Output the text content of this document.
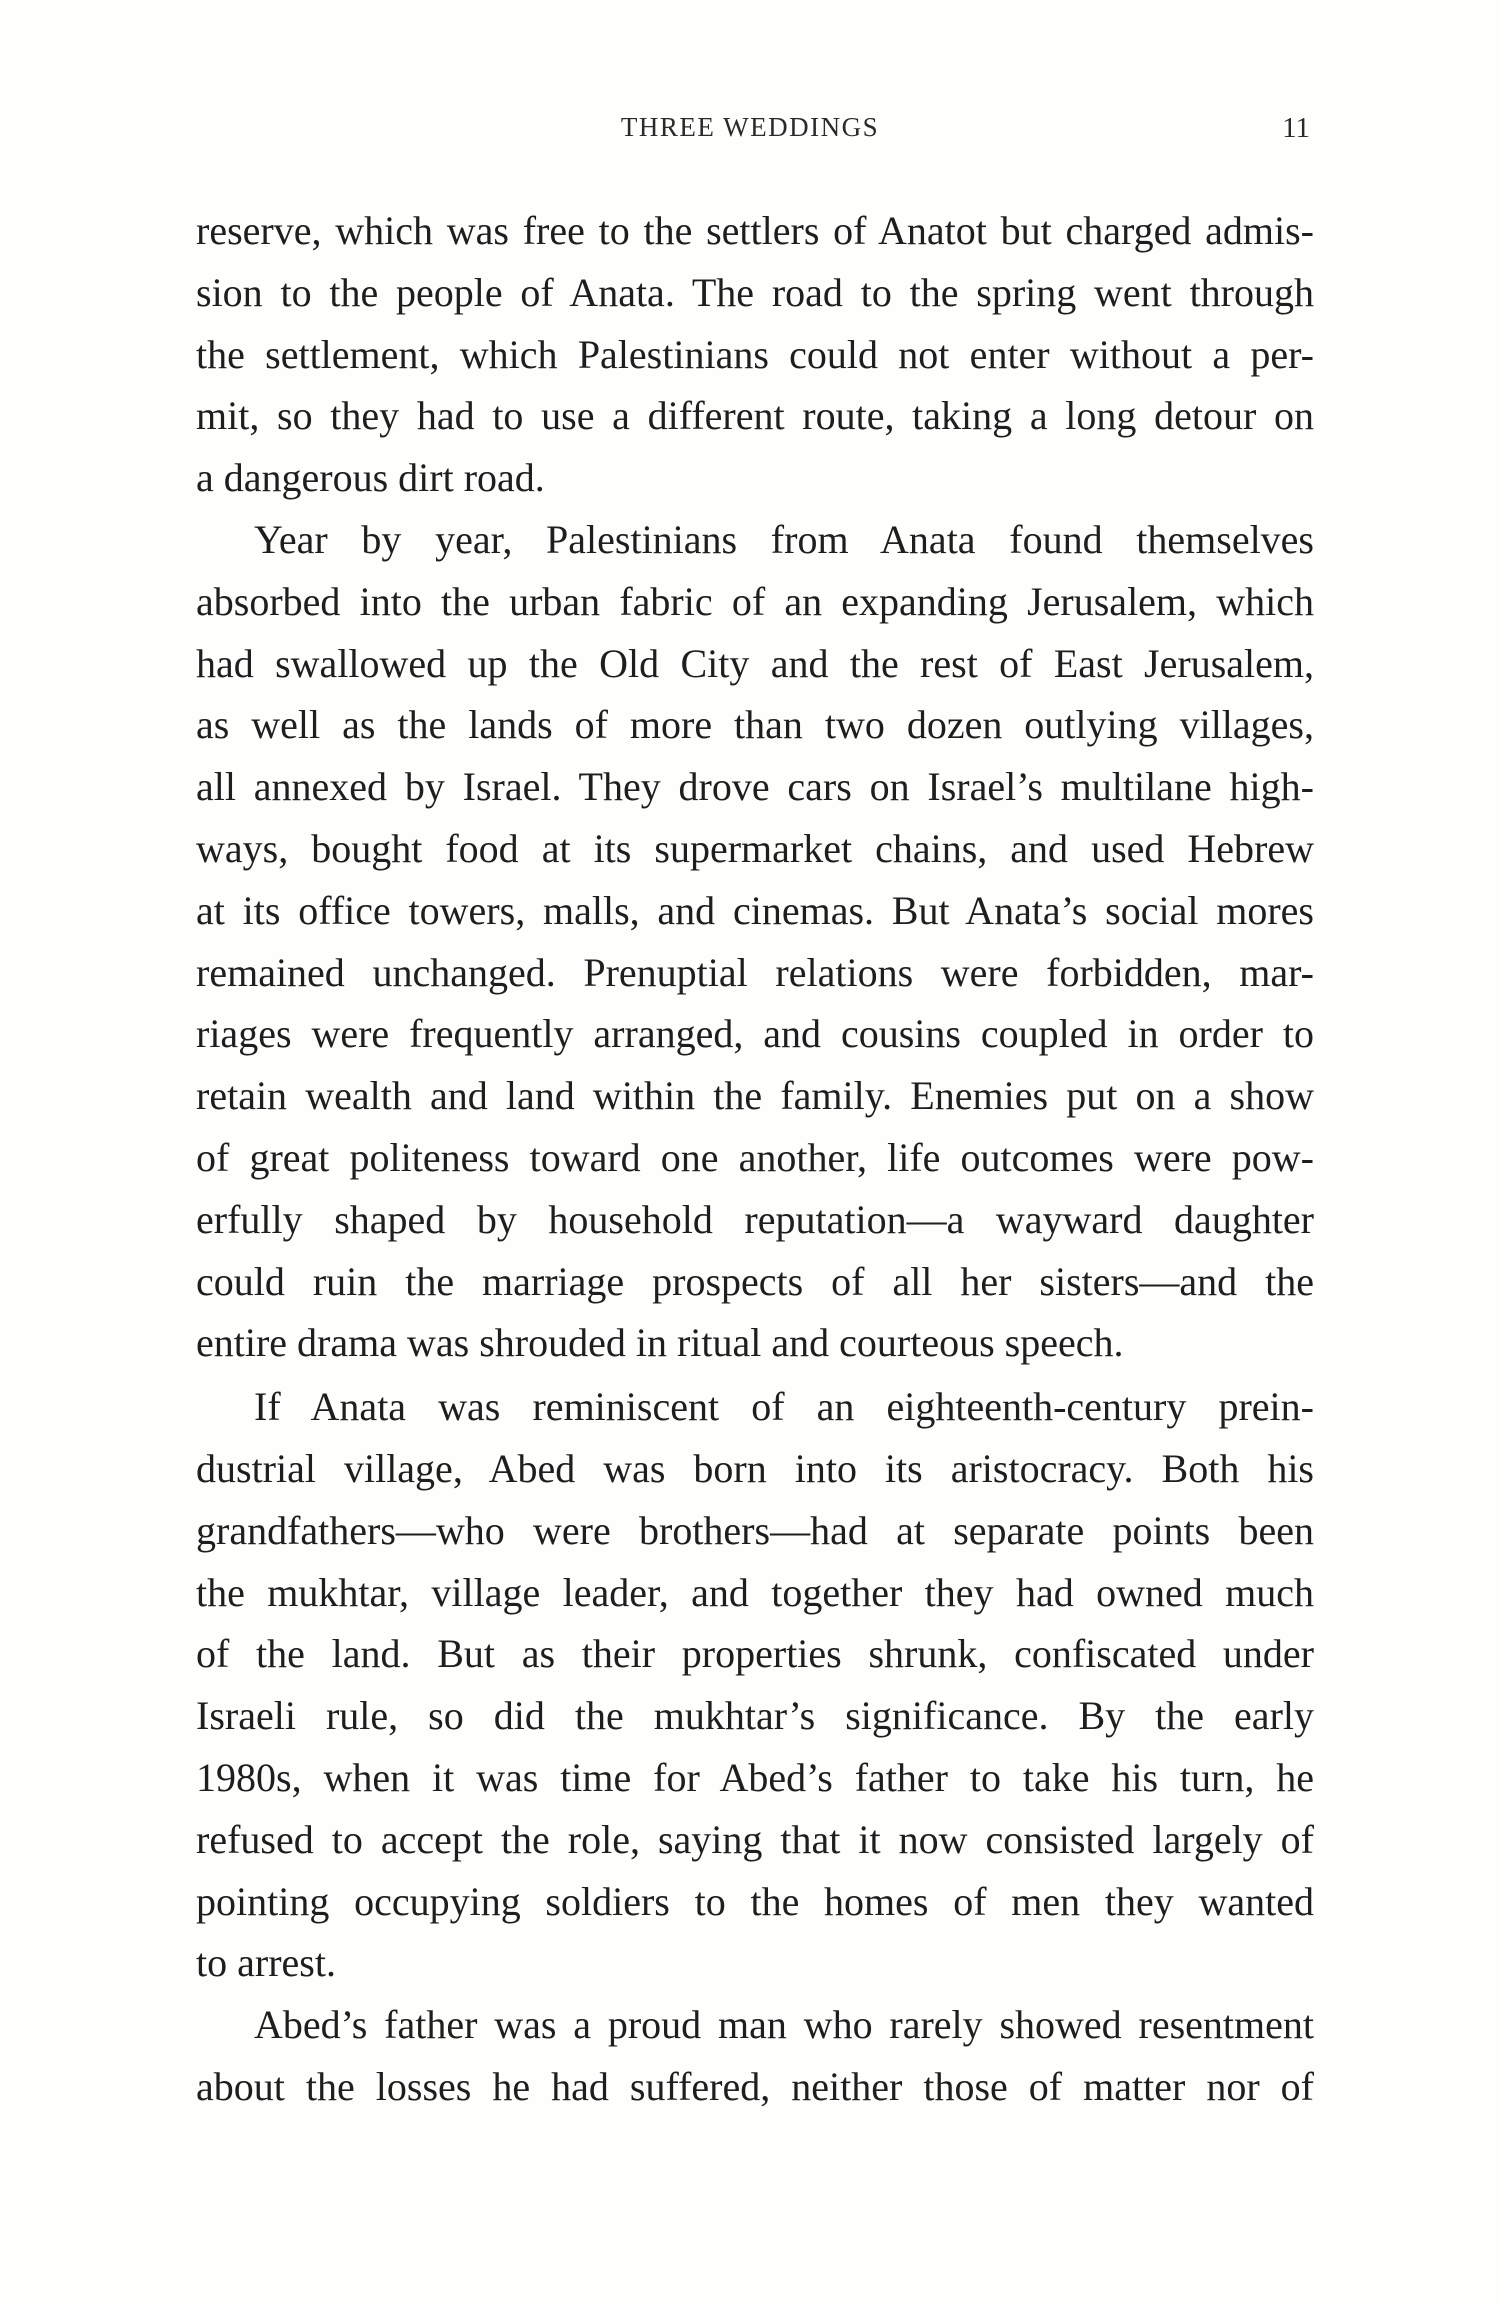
THREE WEDDINGS	11
reserve, which was free to the settlers of Anatot but charged admis-
sion to the people of Anata. The road to the spring went through
the settlement, which Palestinians could not enter without a per-
mit, so they had to use a different route, taking a long detour on
a dangerous dirt road.
Year by year, Palestinians from Anata found themselves
absorbed into the urban fabric of an expanding Jerusalem, which
had swallowed up the Old City and the rest of East Jerusalem,
as well as the lands of more than two dozen outlying villages,
all annexed by Israel. They drove cars on Israel’s multilane high-
ways, bought food at its supermarket chains, and used Hebrew
at its office towers, malls, and cinemas. But Anata’s social mores
remained unchanged. Prenuptial relations were forbidden, mar-
riages were frequently arranged, and cousins coupled in order to
retain wealth and land within the family. Enemies put on a show
of great politeness toward one another, life outcomes were pow-
erfully shaped by household reputation—a wayward daughter
could ruin the marriage prospects of all her sisters—and the
entire drama was shrouded in ritual and courteous speech.
If Anata was reminiscent of an eighteenth-century prein-
dustrial village, Abed was born into its aristocracy. Both his
grandfathers—who were brothers—had at separate points been
the mukhtar, village leader, and together they had owned much
of the land. But as their properties shrunk, confiscated under
Israeli rule, so did the mukhtar’s significance. By the early
1980s, when it was time for Abed’s father to take his turn, he
refused to accept the role, saying that it now consisted largely of
pointing occupying soldiers to the homes of men they wanted
to arrest.
Abed’s father was a proud man who rarely showed resentment
about the losses he had suffered, neither those of matter nor of
